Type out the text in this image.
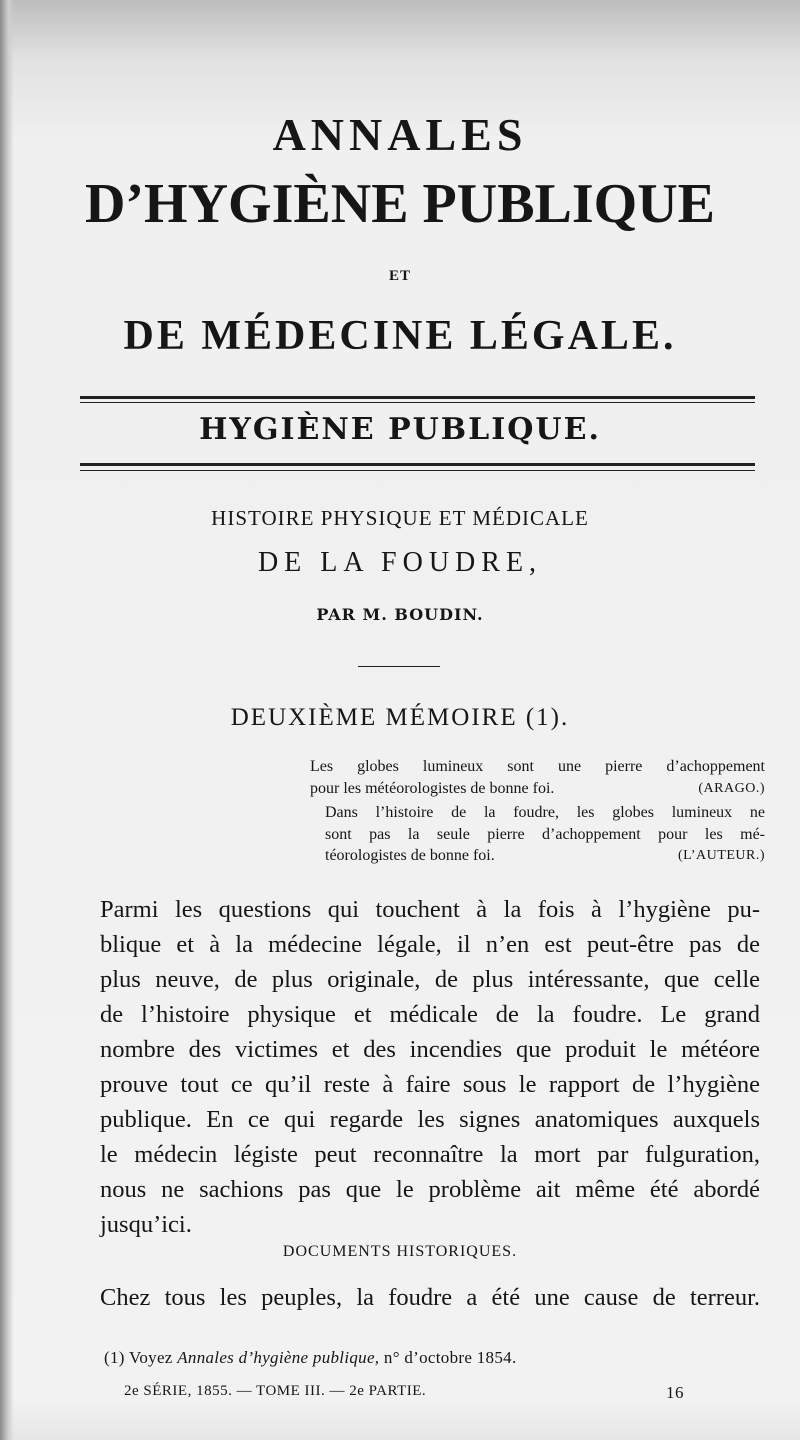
ANNALES
D’HYGIÈNE PUBLIQUE
ET
DE MÉDECINE LÉGALE.
HYGIÈNE PUBLIQUE.
HISTOIRE PHYSIQUE ET MÉDICALE
DE LA FOUDRE,
PAR M. BOUDIN.
DEUXIÈME MÉMOIRE (1).
Les globes lumineux sont une pierre d’achoppement
pour les météorologistes de bonne foi.	(ARAGO.)
Dans l’histoire de la foudre, les globes lumineux ne
sont pas la seule pierre d’achoppement pour les mé-
téorologistes de bonne foi.	(L’AUTEUR.)
Parmi les questions qui touchent à la fois à l’hygiène pu-
blique et à la médecine légale, il n’en est peut-être pas de
plus neuve, de plus originale, de plus intéressante, que celle
de l’histoire physique et médicale de la foudre. Le grand
nombre des victimes et des incendies que produit le météore
prouve tout ce qu’il reste à faire sous le rapport de l’hygiène
publique. En ce qui regarde les signes anatomiques auxquels
le médecin légiste peut reconnaître la mort par fulguration,
nous ne sachions pas que le problème ait même été abordé
jusqu’ici.
DOCUMENTS HISTORIQUES.
Chez tous les peuples, la foudre a été une cause de terreur.
(1) Voyez Annales d’hygiène publique, n° d’octobre 1854.
2e SÉRIE, 1855. — TOME III. — 2e PARTIE.	16
